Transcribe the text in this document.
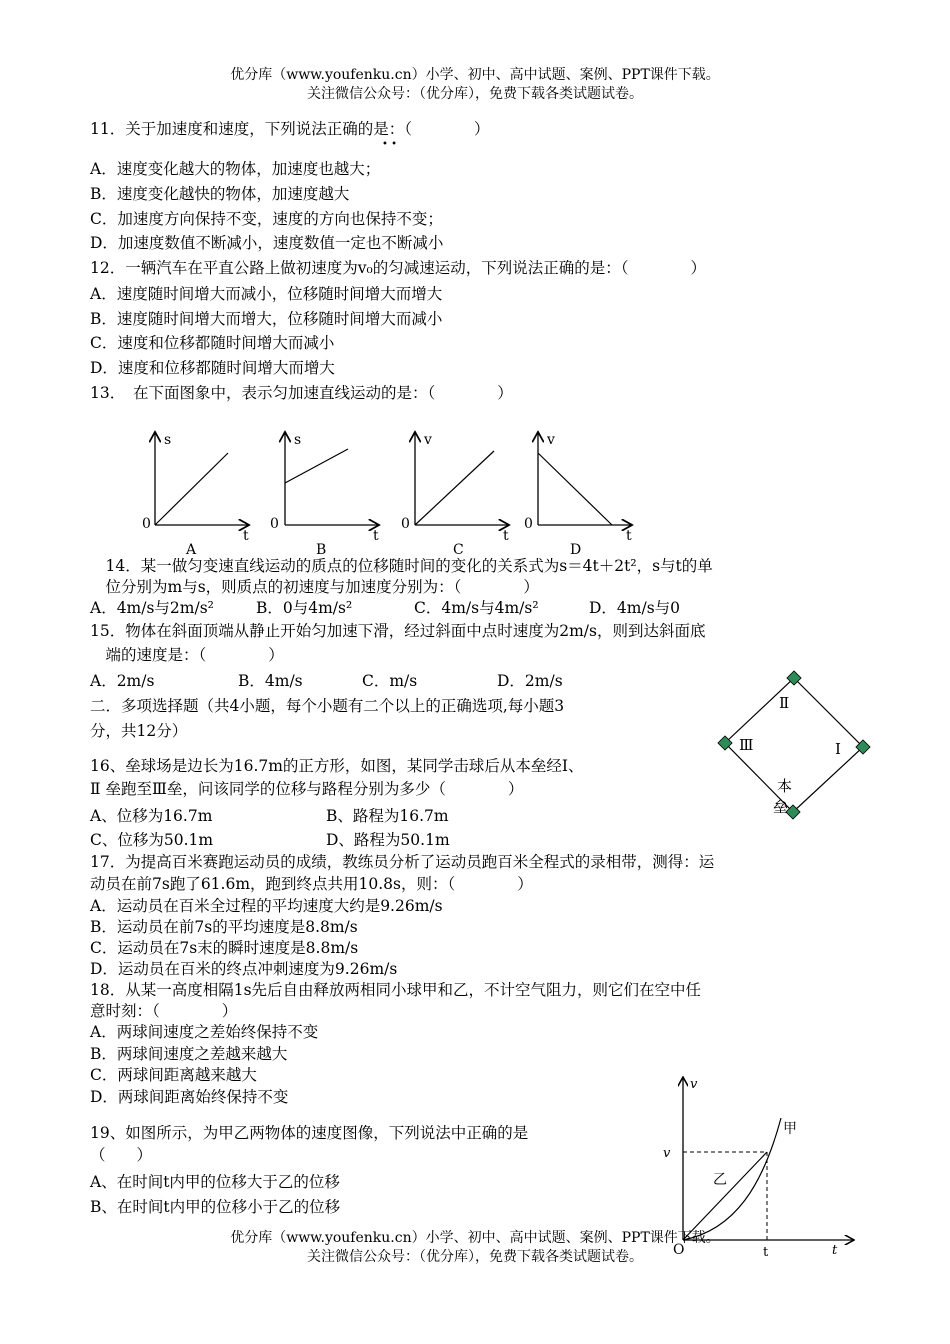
优分库（www.youfenku.cn）小学、初中、高中试题、案例、PPT课件下载。
关注微信公众号：（优分库），免费下载各类试题试卷。
11．关于加速度和速度，下列说法正确的是：（　　　　）
• •
A．速度变化越大的物体，加速度也越大；
B．速度变化越快的物体，加速度越大
C．加速度方向保持不变，速度的方向也保持不变；
D．加速度数值不断减小，速度数值一定也不断减小
12．一辆汽车在平直公路上做初速度为v₀的匀减速运动，下列说法正确的是：（　　　　）
A．速度随时间增大而减小，位移随时间增大而增大
B．速度随时间增大而增大，位移随时间增大而减小
C．速度和位移都随时间增大而减小
D．速度和位移都随时间增大而增大
13．　在下面图象中，表示匀加速直线运动的是：（　　　　）
s
0
t
A
s
0
t
B
v
0
t
C
v
0
t
D
　14．某一做匀变速直线运动的质点的位移随时间的变化的关系式为s＝4t＋2t²，s与t的单
　位分别为m与s，则质点的初速度与加速度分别为：（　　　　）
A．4m/s与2m/s²	B．0与4m/s²	C．4m/s与4m/s²	D．4m/s与0
15．物体在斜面顶端从静止开始匀加速下滑，经过斜面中点时速度为2m/s，则到达斜面底
　端的速度是：（　　　　）
A．2m/s	B．4m/s	C．m/s	D．2m/s
二．多项选择题（共4小题，每个小题有二个以上的正确选项,每小题3
分，共12分）
Ⅱ
Ⅲ	I
本
垒
16、垒球场是边长为16.7m的正方形，如图，某同学击球后从本垒经Ⅰ、
Ⅱ 垒跑至Ⅲ垒，问该同学的位移与路程分别为多少（　　　　）
A、位移为16.7m	B、路程为16.7m
C、位移为50.1m	D、路程为50.1m
17．为提高百米赛跑运动员的成绩，教练员分析了运动员跑百米全程式的录相带，测得：运
动员在前7s跑了61.6m，跑到终点共用10.8s，则：（　　　　）
A．运动员在百米全过程的平均速度大约是9.26m/s
B．运动员在前7s的平均速度是8.8m/s
C．运动员在7s末的瞬时速度是8.8m/s
D．运动员在百米的终点冲刺速度为9.26m/s
18．从某一高度相隔1s先后自由释放两相同小球甲和乙，不计空气阻力，则它们在空中任
意时刻：（　　　　）
A．两球间速度之差始终保持不变
B．两球间速度之差越来越大
C．两球间距离越来越大
D．两球间距离始终保持不变
19、如图所示，为甲乙两物体的速度图像，下列说法中正确的是
（　　）
A、在时间t内甲的位移大于乙的位移
B、在时间t内甲的位移小于乙的位移
v
v
甲
乙
O	t	t
优分库（www.youfenku.cn）小学、初中、高中试题、案例、PPT课件下载。
关注微信公众号：（优分库），免费下载各类试题试卷。
